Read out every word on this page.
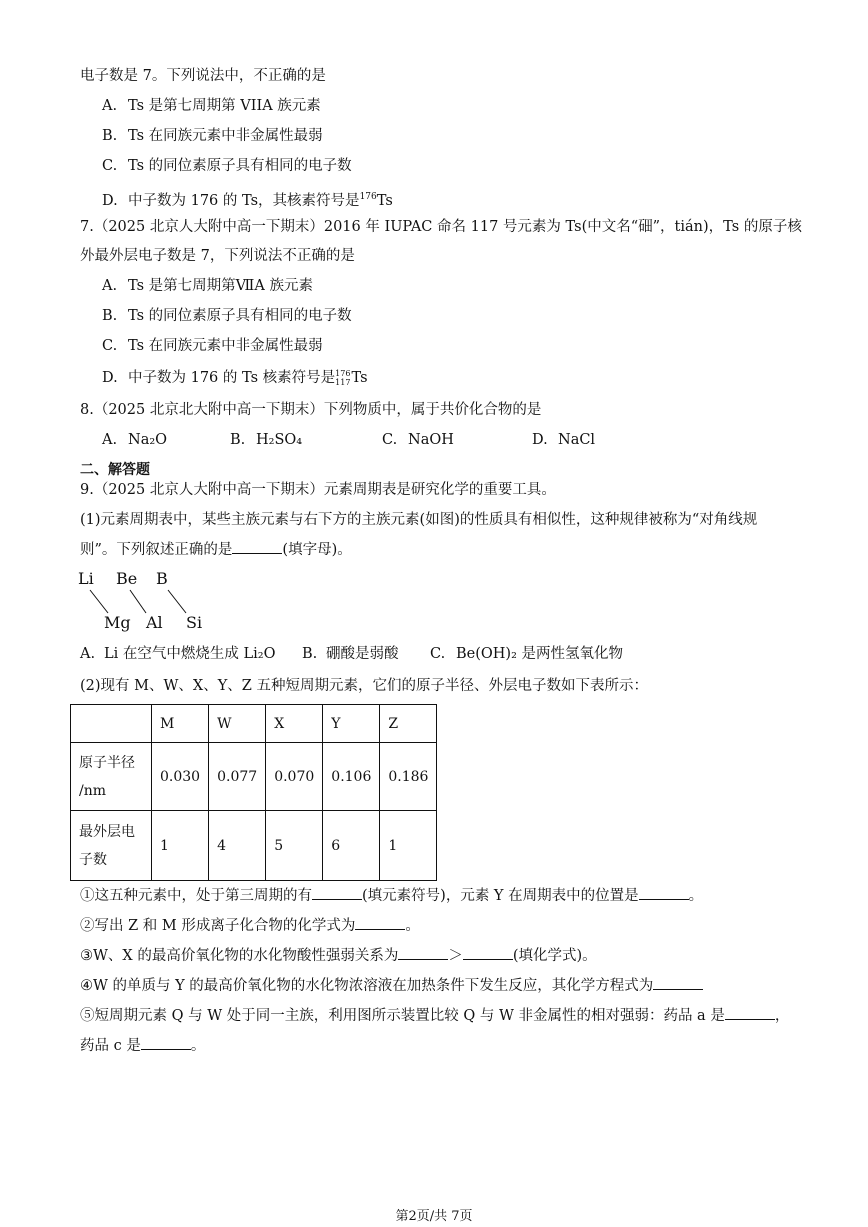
电子数是 7。下列说法中，不正确的是
A. Ts 是第七周期第 VIIA 族元素
B. Ts 在同族元素中非金属性最弱
C. Ts 的同位素原子具有相同的电子数
D. 中子数为 176 的 Ts，其核素符号是$^{176}$Ts
7.（2025 北京人大附中高一下期末）2016 年 IUPAC 命名 117 号元素为 Ts(中文名“鿬”，tián)，Ts 的原子核
外最外层电子数是 7，下列说法不正确的是
A. Ts 是第七周期第ⅦA 族元素
B. Ts 的同位素原子具有相同的电子数
C. Ts 在同族元素中非金属性最弱
D. 中子数为 176 的 Ts 核素符号是 176
117 Ts
8.（2025 北京北大附中高一下期末）下列物质中，属于共价化合物的是
A. Na₂O	B. H₂SO₄	C. NaOH	D. NaCl
二、解答题
9.（2025 北京人大附中高一下期末）元素周期表是研究化学的重要工具。
(1)元素周期表中，某些主族元素与右下方的主族元素(如图)的性质具有相似性，这种规律被称为“对角线规
则”。下列叙述正确的是	(填字母)。
Li Be B
Mg Al Si
A. Li 在空气中燃烧生成 Li₂O B. 硼酸是弱酸 C. Be(OH)₂ 是两性氢氧化物
(2)现有 M、W、X、Y、Z 五种短周期元素，它们的原子半径、外层电子数如下表所示：
	M	W	X	Y	Z

原子半径
/nm	0.030	0.077	0.070	0.106	0.186

最外层电
子数	1	4	5	6	1
①这五种元素中，处于第三周期的有	(填元素符号)，元素 Y 在周期表中的位置是	。
②写出 Z 和 M 形成离子化合物的化学式为	。
③W、X 的最高价氧化物的水化物酸性强弱关系为	＞	(填化学式)。
④W 的单质与 Y 的最高价氧化物的水化物浓溶液在加热条件下发生反应，其化学方程式为
⑤短周期元素 Q 与 W 处于同一主族，利用图所示装置比较 Q 与 W 非金属性的相对强弱：药品 a 是	，
药品 c 是	。
第2页/共 7页
